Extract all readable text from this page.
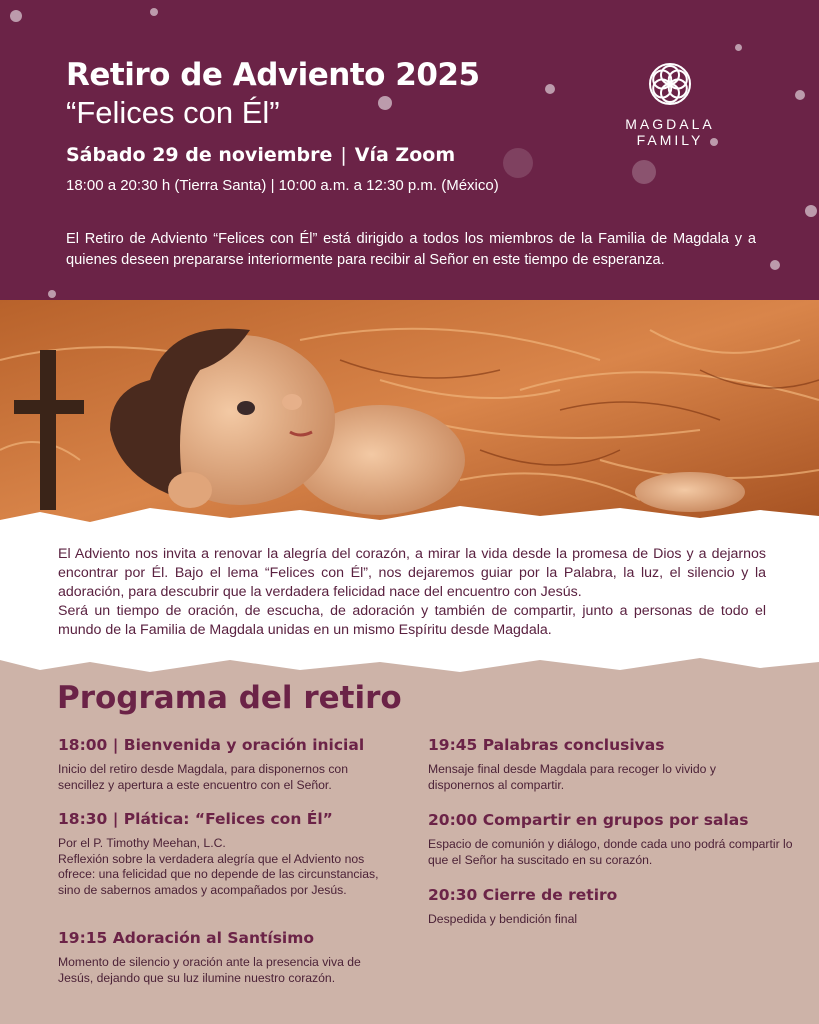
Retiro de Adviento 2025
“Felices con Él”
Sábado 29 de noviembre | Vía Zoom
18:00 a 20:30 h (Tierra Santa) | 10:00 a.m. a 12:30 p.m. (México)
El Retiro de Adviento “Felices con Él” está dirigido a todos los miembros de la Familia de Magdala y a quienes deseen prepararse interiormente para recibir al Señor en este tiempo de esperanza.
MAGDALA
FAMILY

El Adviento nos invita a renovar la alegría del corazón, a mirar la vida desde la promesa de Dios y a dejarnos encontrar por Él. Bajo el lema “Felices con Él”, nos dejaremos guiar por la Palabra, la luz, el silencio y la adoración, para descubrir que la verdadera felicidad nace del encuentro con Jesús.

Será un tiempo de oración, de escucha, de adoración y también de compartir, junto a personas de todo el mundo de la Familia de Magdala unidas en un mismo Espíritu desde Magdala.

Programa del retiro
18:00 | Bienvenida y oración inicial
Inicio del retiro desde Magdala, para disponernos con sencillez y apertura a este encuentro con el Señor.
18:30 | Plática: “Felices con Él”
Por el P. Timothy Meehan, L.C.
Reflexión sobre la verdadera alegría que el Adviento nos ofrece: una felicidad que no depende de las circunstancias, sino de sabernos amados y acompañados por Jesús.
19:15 Adoración al Santísimo
Momento de silencio y oración ante la presencia viva de Jesús, dejando que su luz ilumine nuestro corazón.
19:45 Palabras conclusivas
Mensaje final desde Magdala para recoger lo vivido y disponernos al compartir.
20:00 Compartir en grupos por salas
Espacio de comunión y diálogo, donde cada uno podrá compartir lo que el Señor ha suscitado en su corazón.
20:30 Cierre de retiro
Despedida y bendición final
